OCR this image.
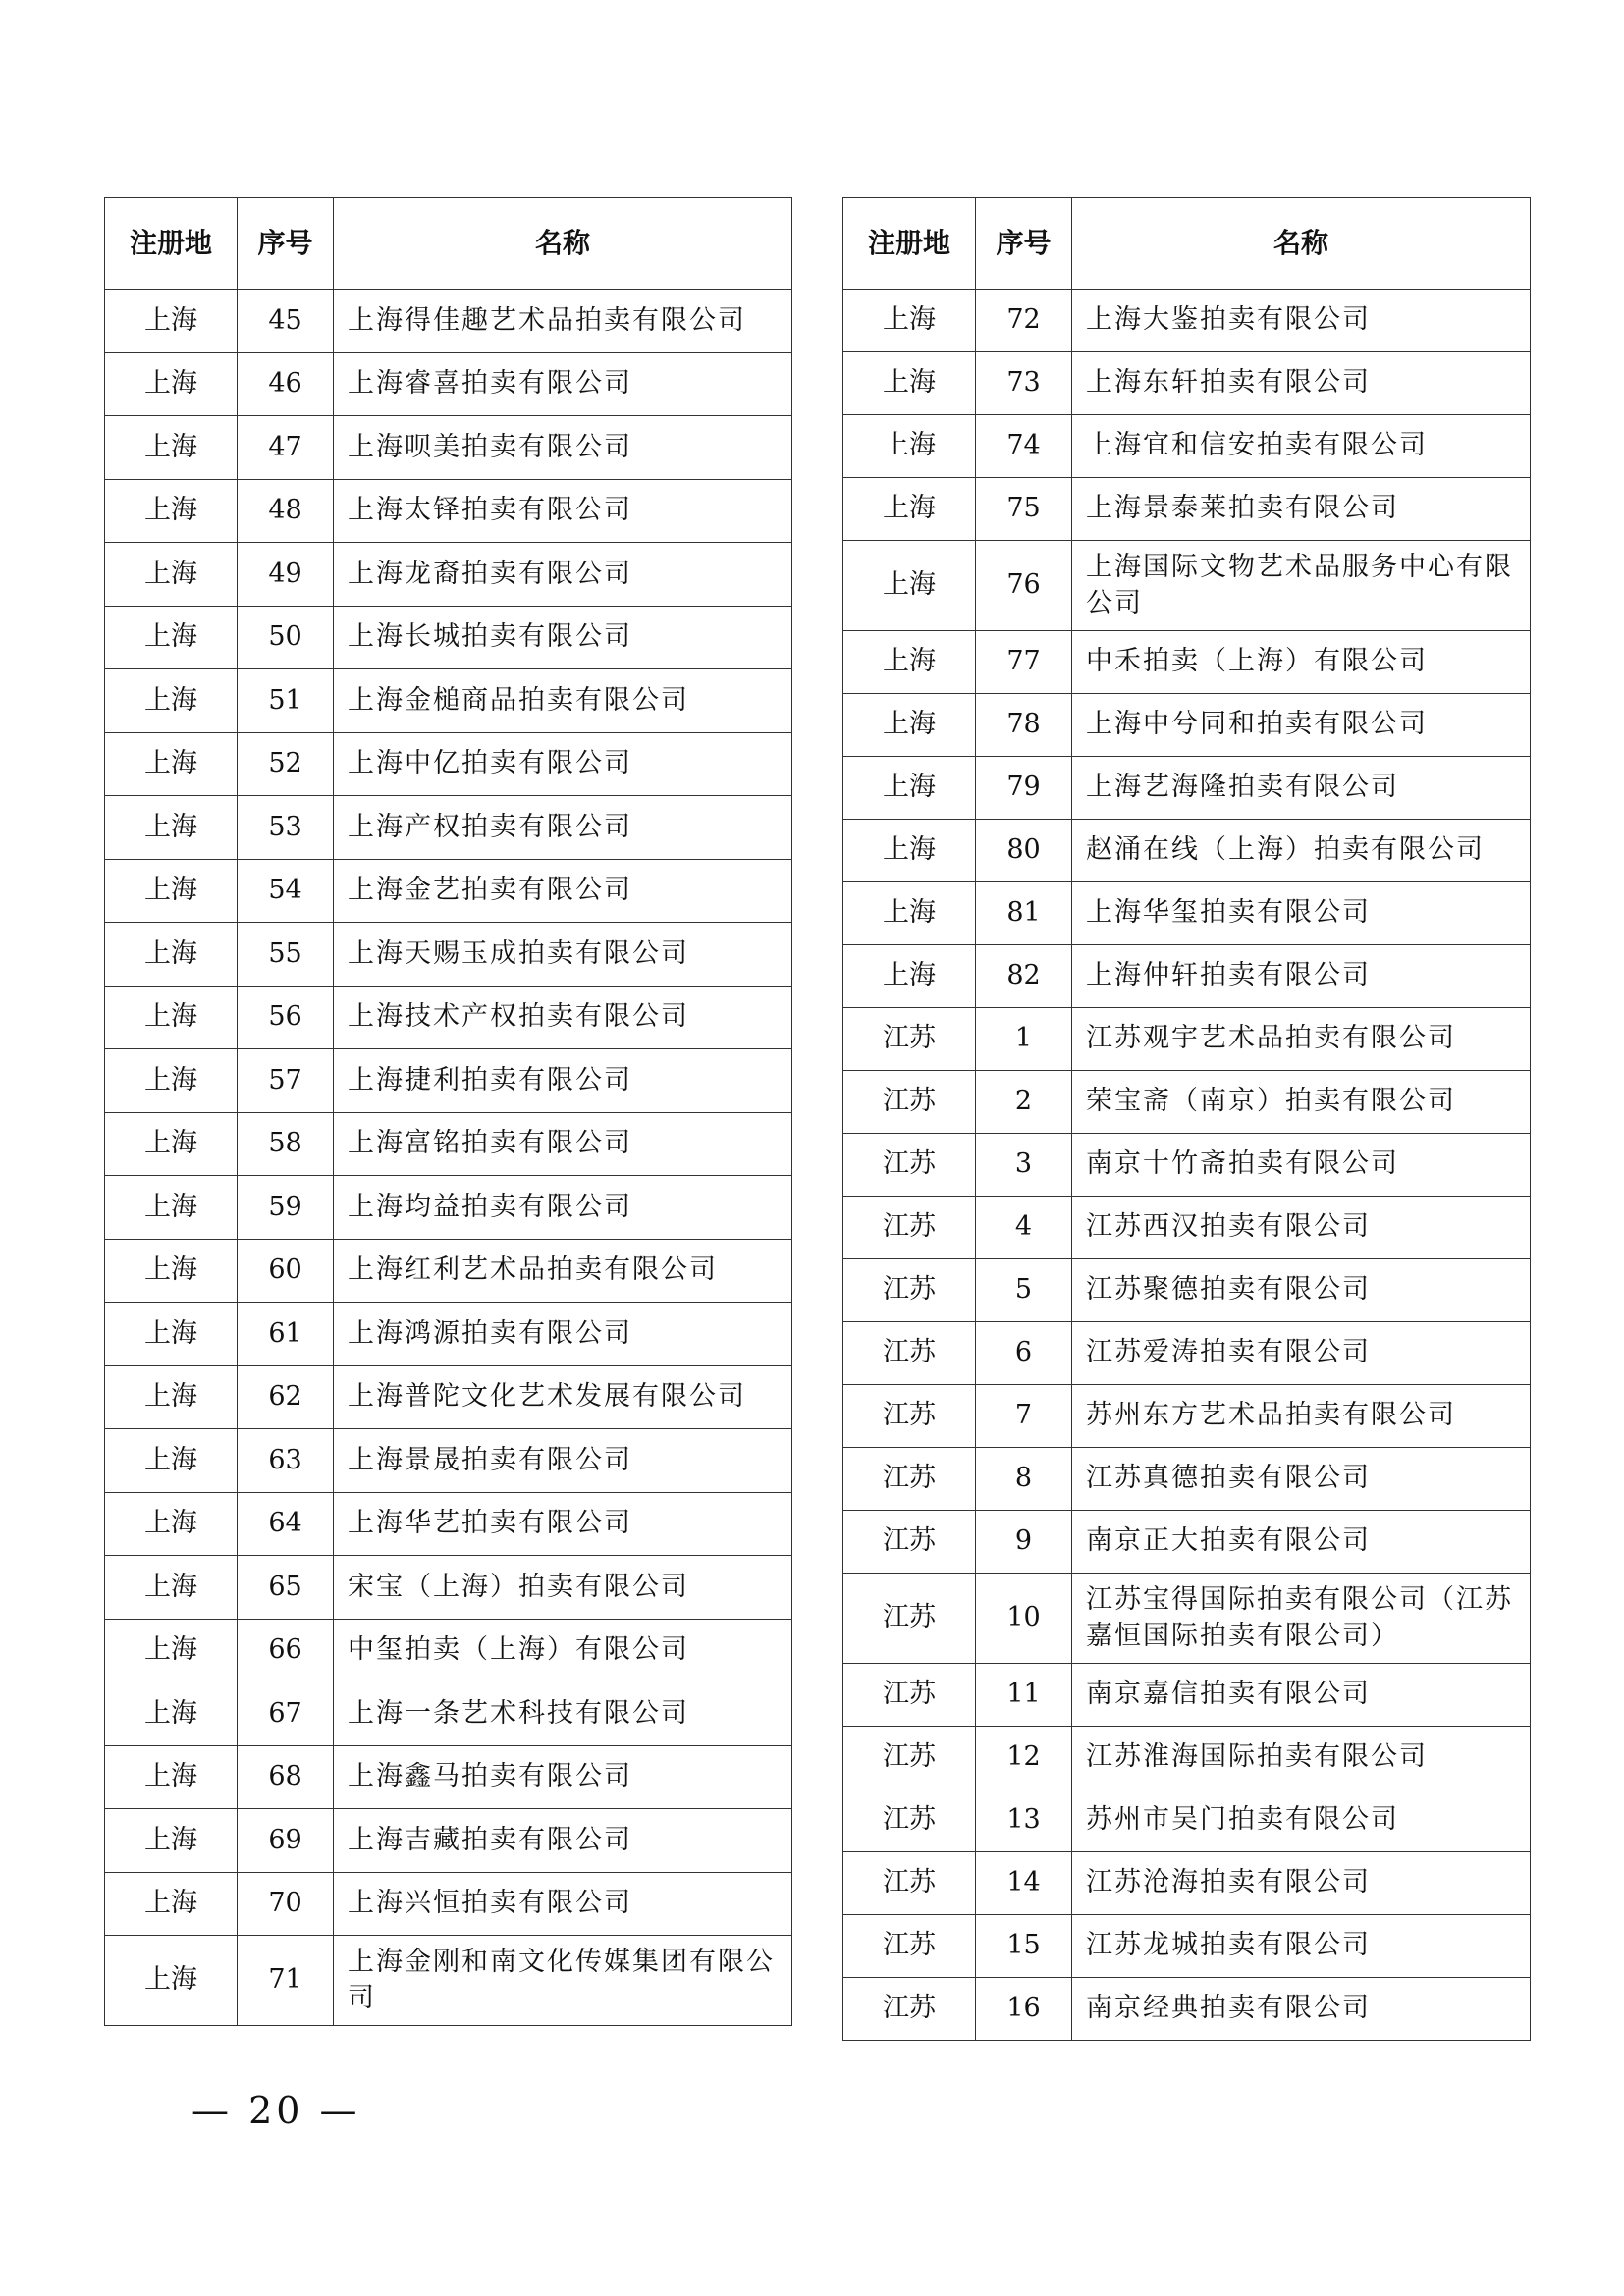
注册地	序号	名称
上海	45	上海得佳趣艺术品拍卖有限公司
上海	46	上海睿喜拍卖有限公司
上海	47	上海呗美拍卖有限公司
上海	48	上海太铎拍卖有限公司
上海	49	上海龙裔拍卖有限公司
上海	50	上海长城拍卖有限公司
上海	51	上海金槌商品拍卖有限公司
上海	52	上海中亿拍卖有限公司
上海	53	上海产权拍卖有限公司
上海	54	上海金艺拍卖有限公司
上海	55	上海天赐玉成拍卖有限公司
上海	56	上海技术产权拍卖有限公司
上海	57	上海捷利拍卖有限公司
上海	58	上海富铭拍卖有限公司
上海	59	上海均益拍卖有限公司
上海	60	上海红利艺术品拍卖有限公司
上海	61	上海鸿源拍卖有限公司
上海	62	上海普陀文化艺术发展有限公司
上海	63	上海景晟拍卖有限公司
上海	64	上海华艺拍卖有限公司
上海	65	宋宝（上海）拍卖有限公司
上海	66	中玺拍卖（上海）有限公司
上海	67	上海一条艺术科技有限公司
上海	68	上海鑫马拍卖有限公司
上海	69	上海吉藏拍卖有限公司
上海	70	上海兴恒拍卖有限公司
上海	71	上海金刚和南文化传媒集团有限公司
注册地	序号	名称
上海	72	上海大鉴拍卖有限公司
上海	73	上海东轩拍卖有限公司
上海	74	上海宜和信安拍卖有限公司
上海	75	上海景泰莱拍卖有限公司
上海	76	上海国际文物艺术品服务中心有限公司
上海	77	中禾拍卖（上海）有限公司
上海	78	上海中兮同和拍卖有限公司
上海	79	上海艺海隆拍卖有限公司
上海	80	赵涌在线（上海）拍卖有限公司
上海	81	上海华玺拍卖有限公司
上海	82	上海仲轩拍卖有限公司
江苏	1	江苏观宇艺术品拍卖有限公司
江苏	2	荣宝斋（南京）拍卖有限公司
江苏	3	南京十竹斋拍卖有限公司
江苏	4	江苏西汉拍卖有限公司
江苏	5	江苏聚德拍卖有限公司
江苏	6	江苏爱涛拍卖有限公司
江苏	7	苏州东方艺术品拍卖有限公司
江苏	8	江苏真德拍卖有限公司
江苏	9	南京正大拍卖有限公司
江苏	10	江苏宝得国际拍卖有限公司（江苏嘉恒国际拍卖有限公司）
江苏	11	南京嘉信拍卖有限公司
江苏	12	江苏淮海国际拍卖有限公司
江苏	13	苏州市吴门拍卖有限公司
江苏	14	江苏沧海拍卖有限公司
江苏	15	江苏龙城拍卖有限公司
江苏	16	南京经典拍卖有限公司
— 20 —
